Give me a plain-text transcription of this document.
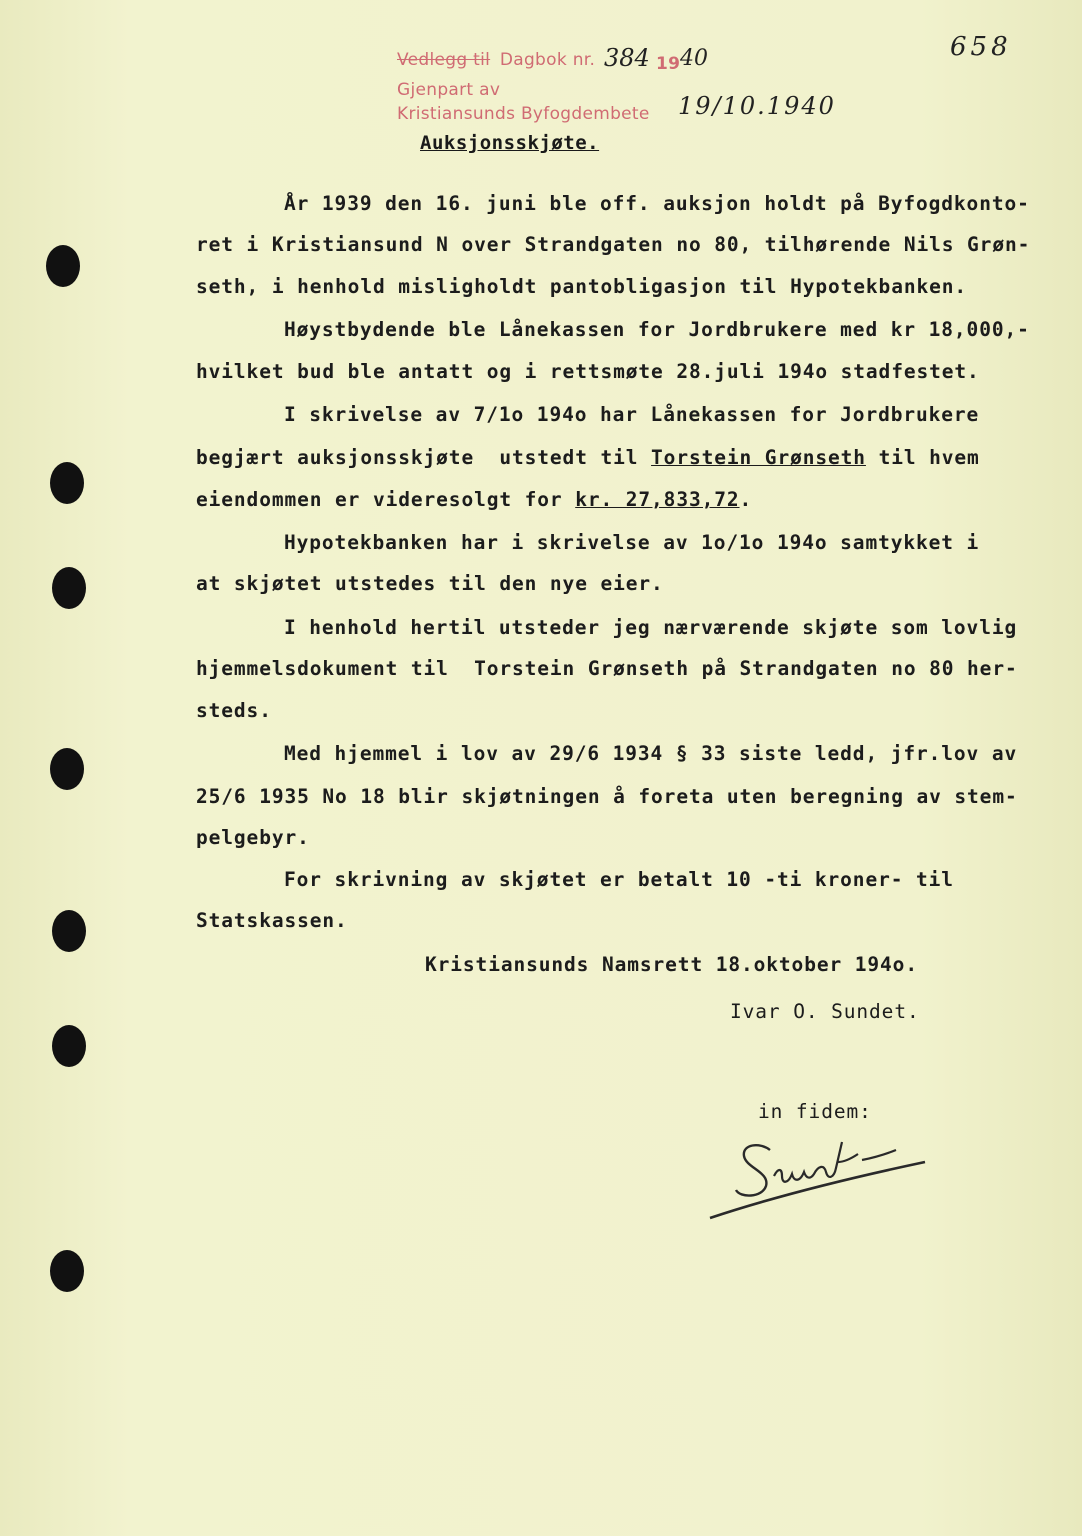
Vedlegg til Dagbok nr. 384 19 40	658
Gjenpart av
Kristiansunds Byfogdembete 19/10.1940
Auksjonsskjøte.
År 1939 den 16. juni ble off. auksjon holdt på Byfogdkonto-
ret i Kristiansund N over Strandgaten no 80, tilhørende Nils Grøn-
seth, i henhold misligholdt pantobligasjon til Hypotekbanken.
Høystbydende ble Lånekassen for Jordbrukere med kr 18,000,-
hvilket bud ble antatt og i rettsmøte 28.juli 194o stadfestet.
I skrivelse av 7/1o 194o har Lånekassen for Jordbrukere
begjært auksjonsskjøte  utstedt til Torstein Grønseth til hvem
eiendommen er videresolgt for kr. 27,833,72.
Hypotekbanken har i skrivelse av 1o/1o 194o samtykket i
at skjøtet utstedes til den nye eier.
I henhold hertil utsteder jeg nærværende skjøte som lovlig
hjemmelsdokument til  Torstein Grønseth på Strandgaten no 80 her-
steds.
Med hjemmel i lov av 29/6 1934 § 33 siste ledd, jfr.lov av
25/6 1935 No 18 blir skjøtningen å foreta uten beregning av stem-
pelgebyr.
For skrivning av skjøtet er betalt 10 -ti kroner- til
Statskassen.
Kristiansunds Namsrett 18.oktober 194o.
Ivar O. Sundet.
in fidem:
